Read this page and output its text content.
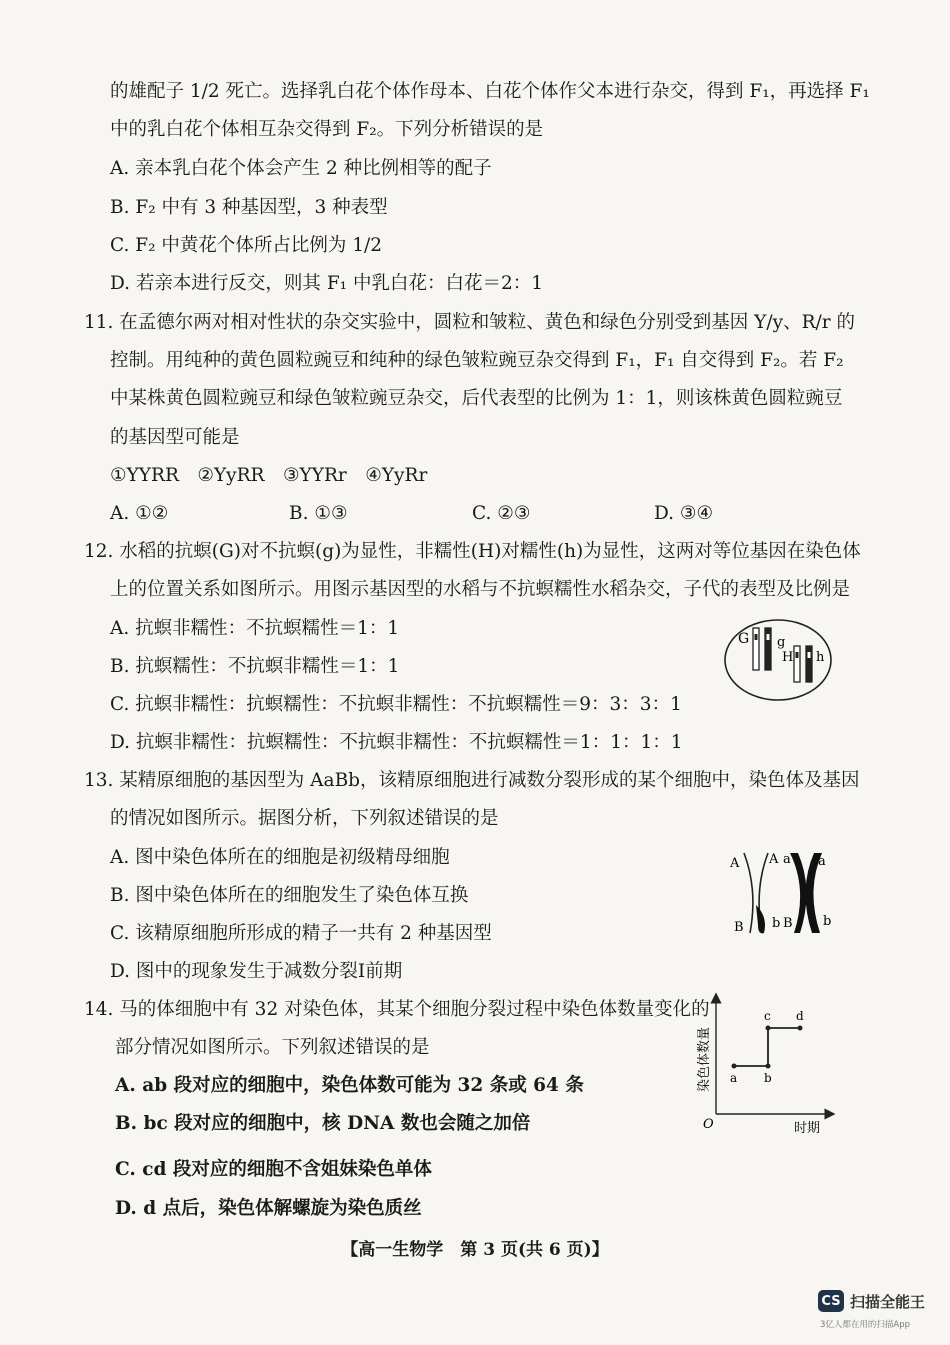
的雄配子 1/2 死亡。选择乳白花个体作母本、白花个体作父本进行杂交，得到 F₁，再选择 F₁
中的乳白花个体相互杂交得到 F₂。下列分析错误的是
A. 亲本乳白花个体会产生 2 种比例相等的配子
B. F₂ 中有 3 种基因型，3 种表型
C. F₂ 中黄花个体所占比例为 1/2
D. 若亲本进行反交，则其 F₁ 中乳白花：白花＝2：1
11. 在孟德尔两对相对性状的杂交实验中，圆粒和皱粒、黄色和绿色分别受到基因 Y/y、R/r 的
控制。用纯种的黄色圆粒豌豆和纯种的绿色皱粒豌豆杂交得到 F₁，F₁ 自交得到 F₂。若 F₂
中某株黄色圆粒豌豆和绿色皱粒豌豆杂交，后代表型的比例为 1：1，则该株黄色圆粒豌豆
的基因型可能是
①YYRR　②YyRR　③YYRr　④YyRr
A. ①②	B. ①③	C. ②③	D. ③④
12. 水稻的抗螟(G)对不抗螟(g)为显性，非糯性(H)对糯性(h)为显性，这两对等位基因在染色体
上的位置关系如图所示。用图示基因型的水稻与不抗螟糯性水稻杂交，子代的表型及比例是
A. 抗螟非糯性：不抗螟糯性＝1：1
B. 抗螟糯性：不抗螟非糯性＝1：1
C. 抗螟非糯性：抗螟糯性：不抗螟非糯性：不抗螟糯性＝9：3：3：1
D. 抗螟非糯性：抗螟糯性：不抗螟非糯性：不抗螟糯性＝1：1：1：1
G g
H h
13. 某精原细胞的基因型为 AaBb，该精原细胞进行减数分裂形成的某个细胞中，染色体及基因
的情况如图所示。据图分析，下列叙述错误的是
A. 图中染色体所在的细胞是初级精母细胞
B. 图中染色体所在的细胞发生了染色体互换
C. 该精原细胞所形成的精子一共有 2 种基因型
D. 图中的现象发生于减数分裂Ⅰ前期
A A a a
B b B b
14. 马的体细胞中有 32 对染色体，其某个细胞分裂过程中染色体数量变化的
部分情况如图所示。下列叙述错误的是
A. ab 段对应的细胞中，染色体数可能为 32 条或 64 条
B. bc 段对应的细胞中，核 DNA 数也会随之加倍
C. cd 段对应的细胞不含姐妹染色单体
D. d 点后，染色体解螺旋为染色质丝
O	时期
染色体数量 a b
c d
【高一生物学　第 3 页(共 6 页)】
CS 扫描全能王
3亿人都在用的扫描App
